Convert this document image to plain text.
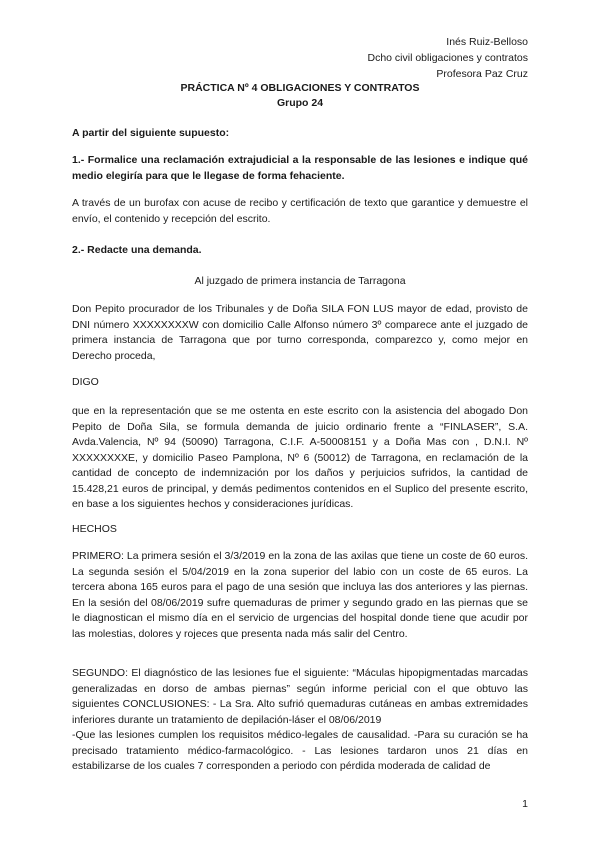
Inés Ruiz-Belloso
Dcho civil obligaciones y contratos
Profesora Paz Cruz
PRÁCTICA Nº 4 OBLIGACIONES Y CONTRATOS
Grupo 24

A partir del siguiente supuesto:

1.- Formalice una reclamación extrajudicial a la responsable de las lesiones e indique qué medio elegiría para que le llegase de forma fehaciente.

A través de un burofax con acuse de recibo y certificación de texto que garantice y demuestre el envío, el contenido y recepción del escrito.

2.- Redacte una demanda.

Al juzgado de primera instancia de Tarragona

Don Pepito procurador de los Tribunales y de Doña SILA FON LUS mayor de edad, provisto de DNI número XXXXXXXXW con domicilio Calle Alfonso número 3º comparece ante el juzgado de primera instancia de Tarragona que por turno corresponda, comparezco y, como mejor en Derecho proceda,

DIGO

que en la representación que se me ostenta en este escrito con la asistencia del abogado Don Pepito de Doña Sila, se formula demanda de juicio ordinario frente a “FINLASER”, S.A. Avda.Valencia, Nº 94 (50090) Tarragona, C.I.F. A-50008151 y a Doña Mas con , D.N.I. Nº XXXXXXXXE, y domicilio Paseo Pamplona, Nº 6 (50012) de Tarragona, en reclamación de la cantidad de concepto de indemnización por los daños y perjuicios sufridos, la cantidad de 15.428,21 euros de principal, y demás pedimentos contenidos en el Suplico del presente escrito, en base a los siguientes hechos y consideraciones jurídicas.

HECHOS

PRIMERO: La primera sesión el 3/3/2019 en la zona de las axilas que tiene un coste de 60 euros. La segunda sesión el 5/04/2019 en la zona superior del labio con un coste de 65 euros. La tercera abona 165 euros para el pago de una sesión que incluya las dos anteriores y las piernas. En la sesión del 08/06/2019 sufre quemaduras de primer y segundo grado en las piernas que se le diagnostican el mismo día en el servicio de urgencias del hospital donde tiene que acudir por las molestias, dolores y rojeces que presenta nada más salir del Centro.

SEGUNDO: El diagnóstico de las lesiones fue el siguiente: “Máculas hipopigmentadas marcadas generalizadas en dorso de ambas piernas” según informe pericial con el que obtuvo las siguientes CONCLUSIONES: - La Sra. Alto sufrió quemaduras cutáneas en ambas extremidades inferiores durante un tratamiento de depilación-láser el 08/06/2019

-Que las lesiones cumplen los requisitos médico-legales de causalidad. -Para su curación se ha precisado tratamiento médico-farmacológico. - Las lesiones tardaron unos 21 días en estabilizarse de los cuales 7 corresponden a periodo con pérdida moderada de calidad de

1
